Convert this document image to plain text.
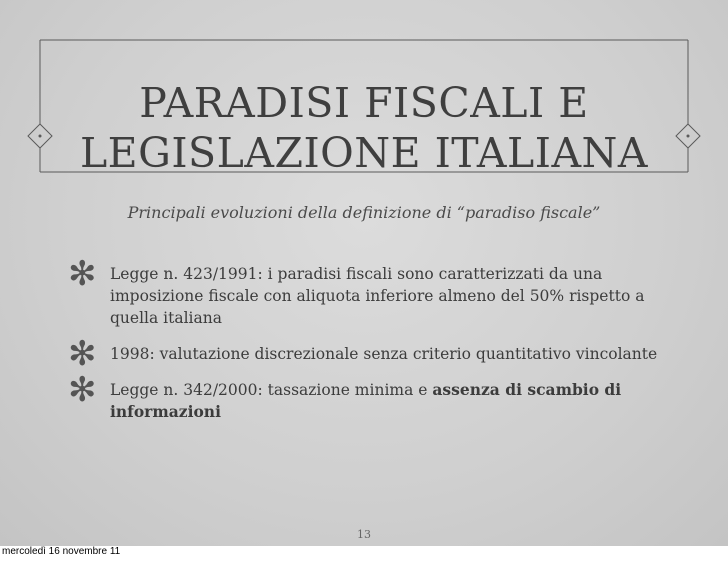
PARADISI FISCALI E
LEGISLAZIONE ITALIANA
Principali evoluzioni della definizione di “paradiso fiscale”
✻ Legge n. 423/1991: i paradisi fiscali sono caratterizzati da una imposizione fiscale con aliquota inferiore almeno del 50% rispetto a quella italiana
✻ 1998: valutazione discrezionale senza criterio quantitativo vincolante
✻ Legge n. 342/2000: tassazione minima e assenza di scambio di informazioni
13
mercoledì 16 novembre 11
